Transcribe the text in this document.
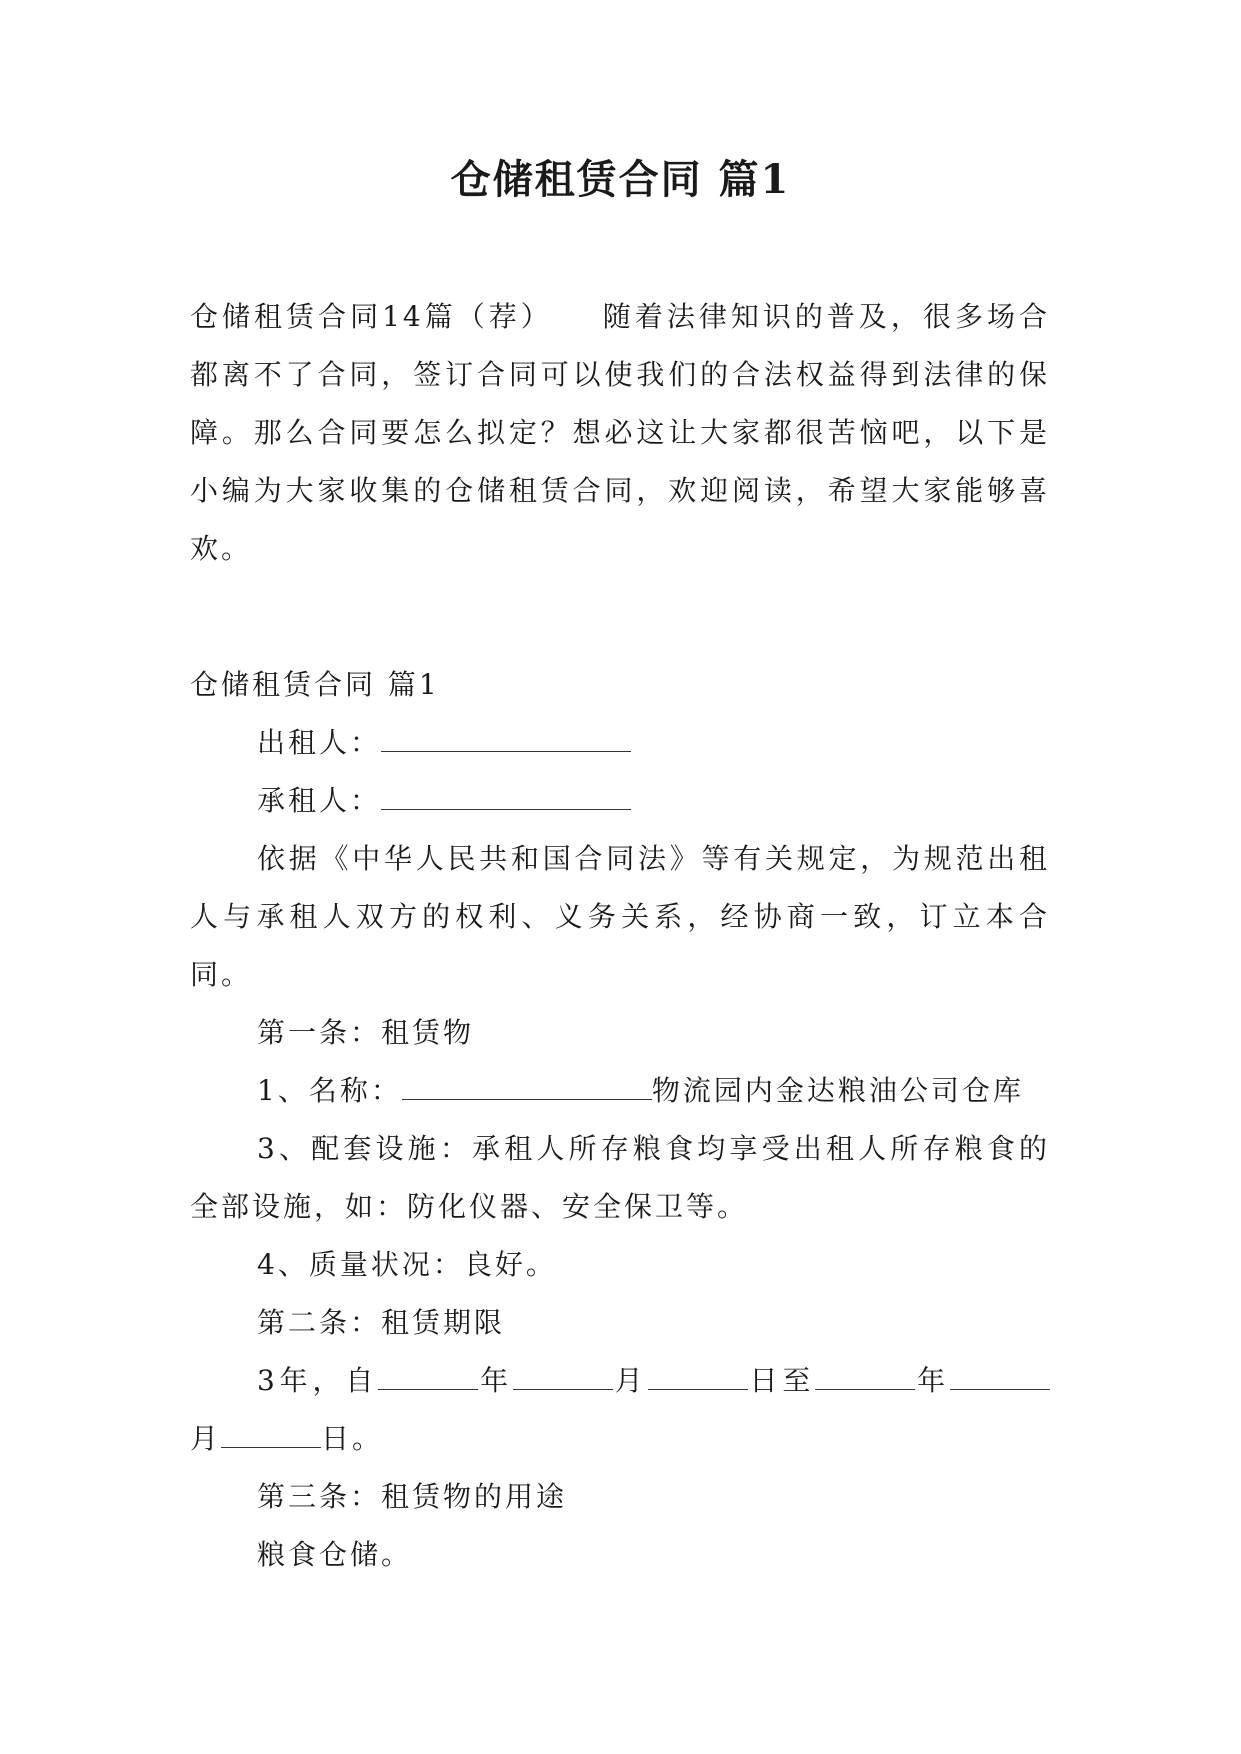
仓储租赁合同 篇1

仓储租赁合同14篇（荐）　　随着法律知识的普及，很多场合都离不了合同，签订合同可以使我们的合法权益得到法律的保障。那么合同要怎么拟定？想必这让大家都很苦恼吧，以下是小编为大家收集的仓储租赁合同，欢迎阅读，希望大家能够喜欢。

仓储租赁合同 篇1

出租人：

承租人：

依据《中华人民共和国合同法》等有关规定，为规范出租人与承租人双方的权利、义务关系，经协商一致，订立本合同。

第一条：租赁物

1、名称：	物流园内金达粮油公司仓库

3、配套设施：承租人所存粮食均享受出租人所存粮食的全部设施，如：防化仪器、安全保卫等。

4、质量状况：良好。

第二条：租赁期限

3年，自	年	月	日至	年月	日。

第三条：租赁物的用途

粮食仓储。
